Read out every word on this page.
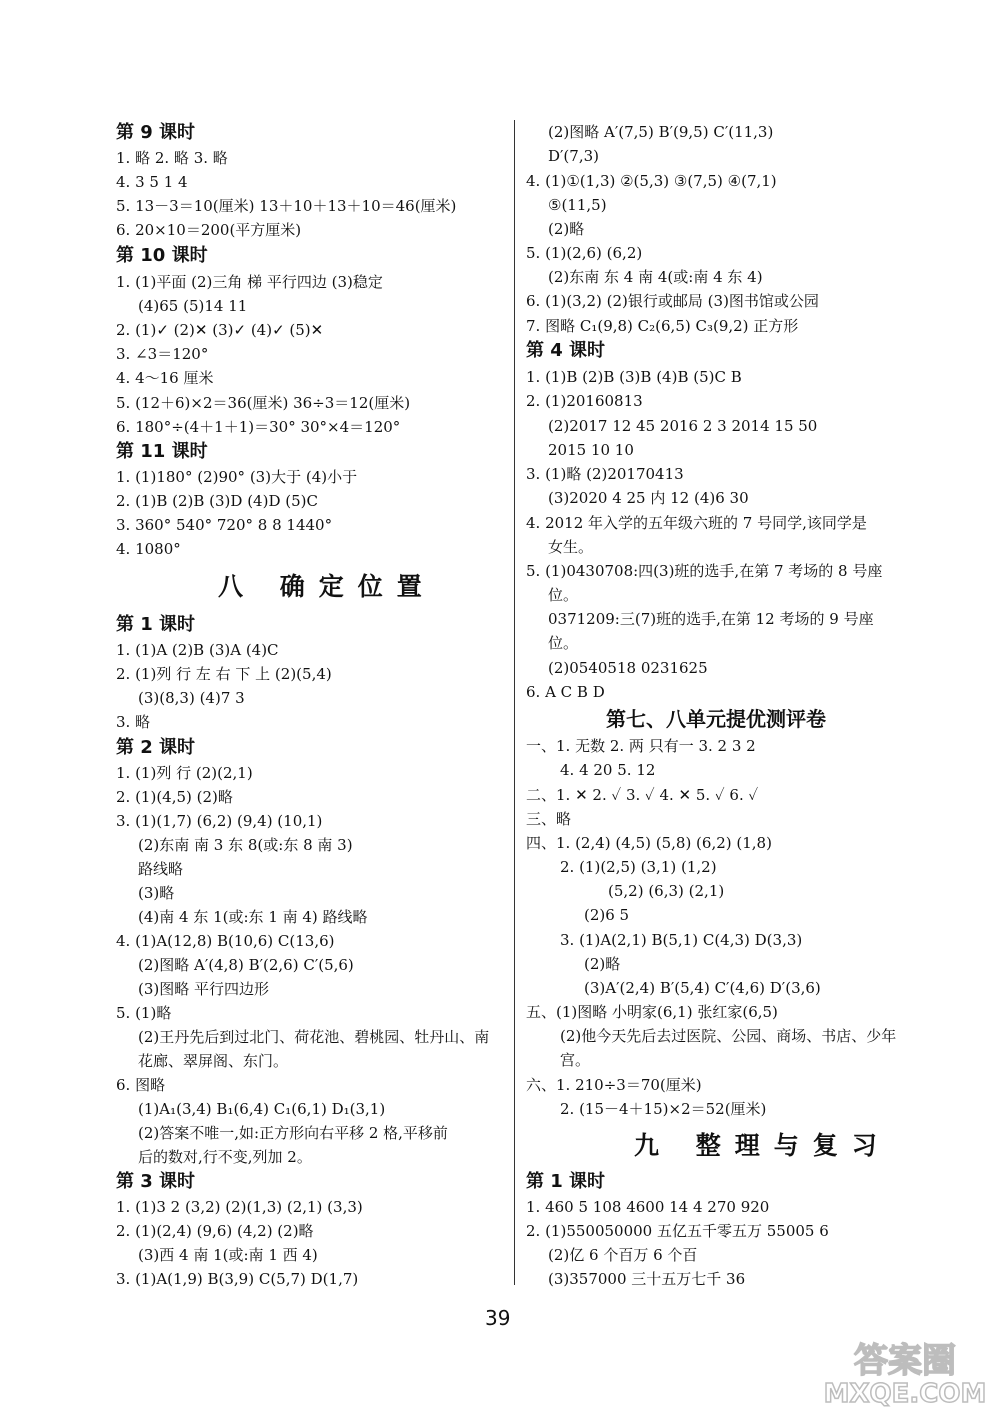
第 9 课时
1. 略 2. 略 3. 略
4. 3 5 1 4
5. 13－3＝10(厘米) 13＋10＋13＋10＝46(厘米)
6. 20×10＝200(平方厘米)
第 10 课时
1. (1)平面 (2)三角 梯 平行四边 (3)稳定
(4)65 (5)14 11
2. (1)✓ (2)✕ (3)✓ (4)✓ (5)✕
3. ∠3＝120°
4. 4～16 厘米
5. (12＋6)×2＝36(厘米) 36÷3＝12(厘米)
6. 180°÷(4＋1＋1)＝30° 30°×4＝120°
第 11 课时
1. (1)180° (2)90° (3)大于 (4)小于
2. (1)B (2)B (3)D (4)D (5)C
3. 360° 540° 720° 8 8 1440°
4. 1080°
八 确定位置
第 1 课时
1. (1)A (2)B (3)A (4)C
2. (1)列 行 左 右 下 上 (2)(5,4)
(3)(8,3) (4)7 3
3. 略
第 2 课时
1. (1)列 行 (2)(2,1)
2. (1)(4,5) (2)略
3. (1)(1,7) (6,2) (9,4) (10,1)
(2)东南 南 3 东 8(或:东 8 南 3)
路线略
(3)略
(4)南 4 东 1(或:东 1 南 4) 路线略
4. (1)A(12,8) B(10,6) C(13,6)
(2)图略 A′(4,8) B′(2,6) C′(5,6)
(3)图略 平行四边形
5. (1)略
(2)王丹先后到过北门、荷花池、碧桃园、牡丹山、南
花廊、翠屏阁、东门。
6. 图略
(1)A₁(3,4) B₁(6,4) C₁(6,1) D₁(3,1)
(2)答案不唯一,如:正方形向右平移 2 格,平移前
后的数对,行不变,列加 2。
第 3 课时
1. (1)3 2 (3,2) (2)(1,3) (2,1) (3,3)
2. (1)(2,4) (9,6) (4,2) (2)略
(3)西 4 南 1(或:南 1 西 4)
3. (1)A(1,9) B(3,9) C(5,7) D(1,7)
(2)图略 A′(7,5) B′(9,5) C′(11,3)
D′(7,3)
4. (1)①(1,3) ②(5,3) ③(7,5) ④(7,1)
⑤(11,5)
(2)略
5. (1)(2,6) (6,2)
(2)东南 东 4 南 4(或:南 4 东 4)
6. (1)(3,2) (2)银行或邮局 (3)图书馆或公园
7. 图略 C₁(9,8) C₂(6,5) C₃(9,2) 正方形
第 4 课时
1. (1)B (2)B (3)B (4)B (5)C B
2. (1)20160813
(2)2017 12 45 2016 2 3 2014 15 50
2015 10 10
3. (1)略 (2)20170413
(3)2020 4 25 内 12 (4)6 30
4. 2012 年入学的五年级六班的 7 号同学,该同学是
女生。
5. (1)0430708:四(3)班的选手,在第 7 考场的 8 号座
位。
0371209:三(7)班的选手,在第 12 考场的 9 号座
位。
(2)0540518 0231625
6. A C B D
第七、八单元提优测评卷
一、1. 无数 2. 两 只有一 3. 2 3 2
4. 4 20 5. 12
二、1. ✕ 2. ✓ 3. ✓ 4. ✕ 5. ✓ 6. ✓
三、略
四、1. (2,4) (4,5) (5,8) (6,2) (1,8)
2. (1)(2,5) (3,1) (1,2)
(5,2) (6,3) (2,1)
(2)6 5
3. (1)A(2,1) B(5,1) C(4,3) D(3,3)
(2)略
(3)A′(2,4) B′(5,4) C′(4,6) D′(3,6)
五、(1)图略 小明家(6,1) 张红家(6,5)
(2)他今天先后去过医院、公园、商场、书店、少年
宫。
六、1. 210÷3＝70(厘米)
2. (15－4＋15)×2＝52(厘米)
九 整理与复习
第 1 课时
1. 460 5 108 4600 14 4 270 920
2. (1)550050000 五亿五千零五万 55005 6
(2)亿 6 个百万 6 个百
(3)357000 三十五万七千 36
39
答案圈
MXQE.COM
